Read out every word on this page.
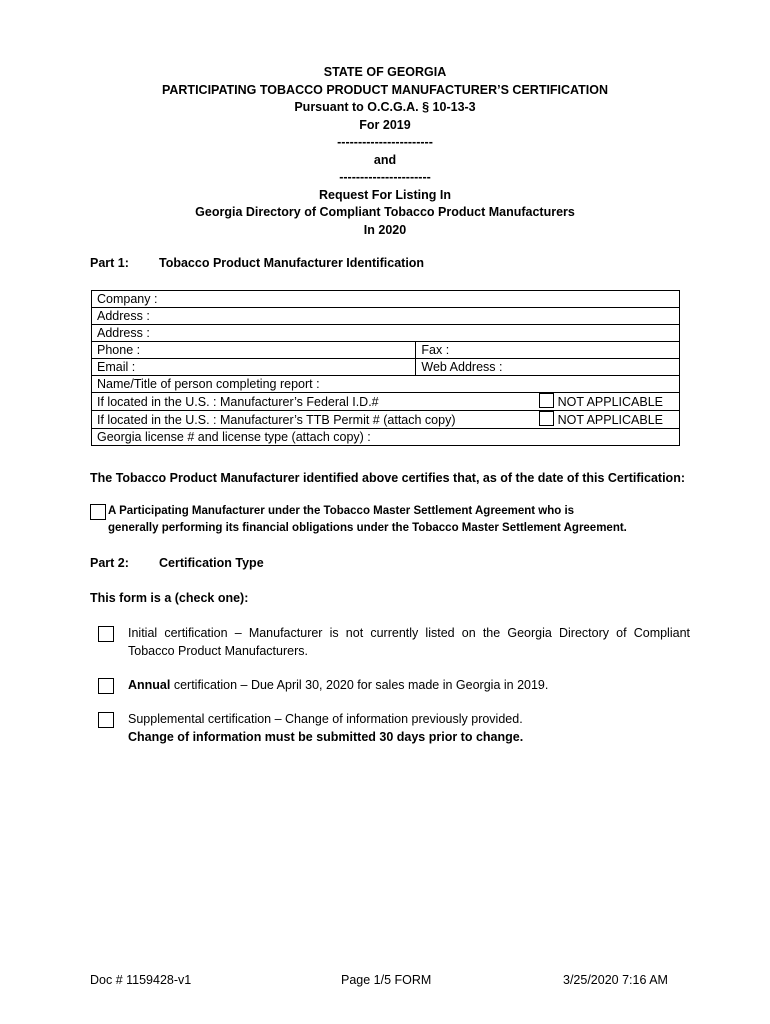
STATE OF GEORGIA
PARTICIPATING TOBACCO PRODUCT MANUFACTURER’S CERTIFICATION
Pursuant to O.C.G.A. § 10-13-3
For 2019
-----------------------
and
----------------------
Request For Listing In
Georgia Directory of Compliant Tobacco Product Manufacturers
In 2020
Part 1: Tobacco Product Manufacturer Identification
Company :		
Address :		
Address :		
Phone :	Fax :	
Email :	Web Address :	
Name/Title of person completing report :		
If located in the U.S. : Manufacturer’s Federal I.D.#		NOT APPLICABLE
If located in the U.S. : Manufacturer’s TTB Permit # (attach copy)		NOT APPLICABLE
Georgia license # and license type (attach copy) :		
The Tobacco Product Manufacturer identified above certifies that, as of the date of this Certification:
A Participating Manufacturer under the Tobacco Master Settlement Agreement who is
generally performing its financial obligations under the Tobacco Master Settlement Agreement.
Part 2: Certification Type
This form is a (check one):
Initial certification – Manufacturer is not currently listed on the Georgia Directory of Compliant Tobacco Product Manufacturers.
Annual certification – Due April 30, 2020 for sales made in Georgia in 2019.
Supplemental certification – Change of information previously provided.
Change of information must be submitted 30 days prior to change.
Doc # 1159428-v1	Page 1/5 FORM	3/25/2020 7:16 AM
